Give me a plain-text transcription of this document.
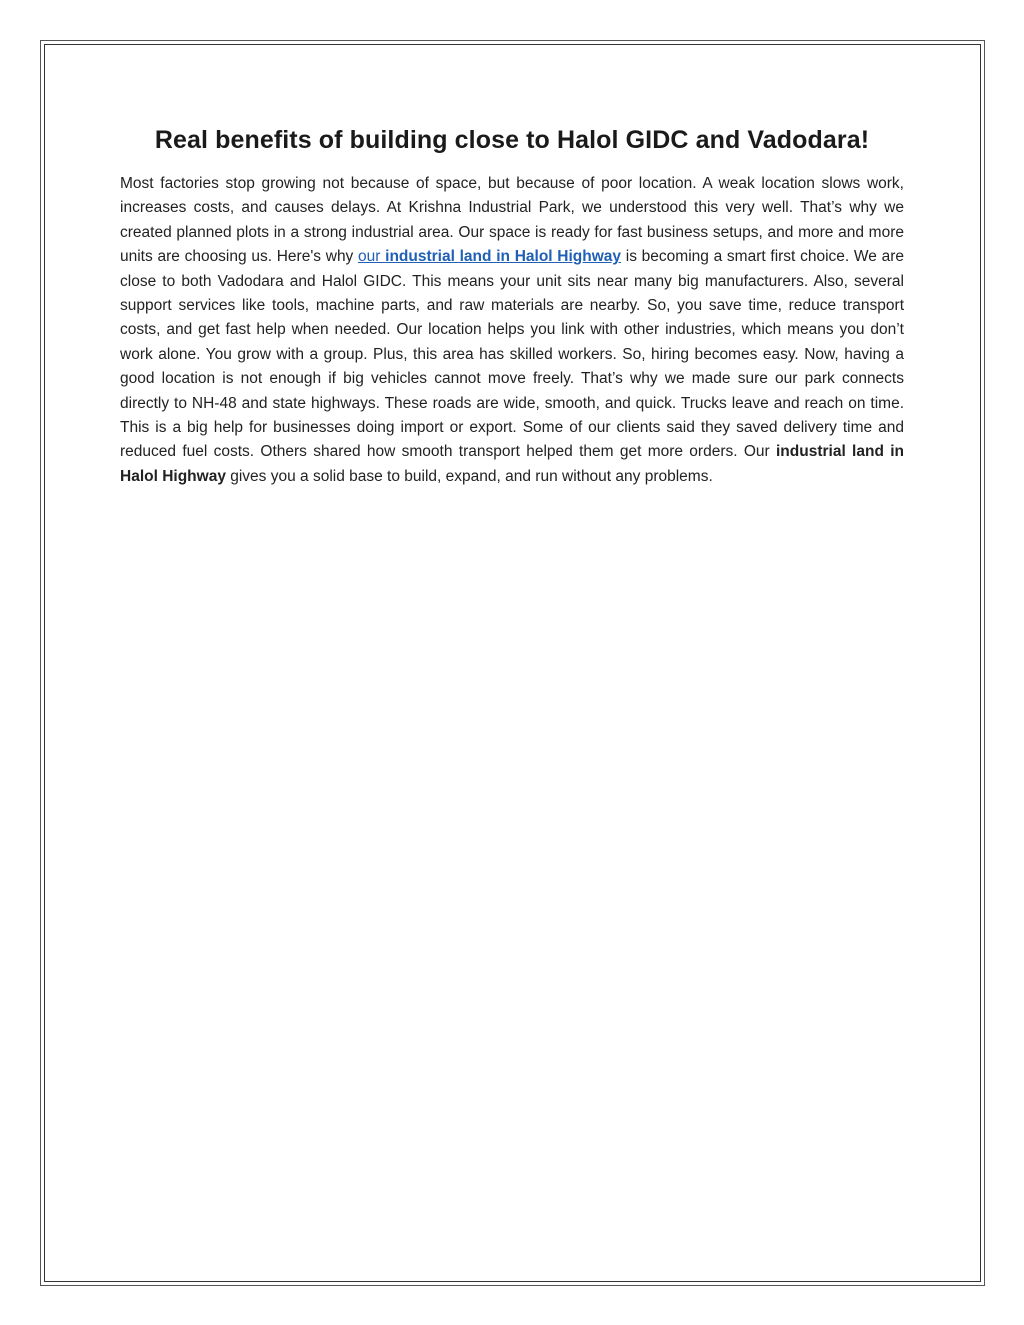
Real benefits of building close to Halol GIDC and Vadodara!

Most factories stop growing not because of space, but because of poor location. A weak location slows work, increases costs, and causes delays. At Krishna Industrial Park, we understood this very well. That’s why we created planned plots in a strong industrial area. Our space is ready for fast business setups, and more and more units are choosing us. Here's why our industrial land in Halol Highway is becoming a smart first choice. We are close to both Vadodara and Halol GIDC. This means your unit sits near many big manufacturers. Also, several support services like tools, machine parts, and raw materials are nearby. So, you save time, reduce transport costs, and get fast help when needed. Our location helps you link with other industries, which means you don’t work alone. You grow with a group. Plus, this area has skilled workers. So, hiring becomes easy. Now, having a good location is not enough if big vehicles cannot move freely. That’s why we made sure our park connects directly to NH-48 and state highways. These roads are wide, smooth, and quick. Trucks leave and reach on time. This is a big help for businesses doing import or export. Some of our clients said they saved delivery time and reduced fuel costs. Others shared how smooth transport helped them get more orders. Our industrial land in Halol Highway gives you a solid base to build, expand, and run without any problems.
